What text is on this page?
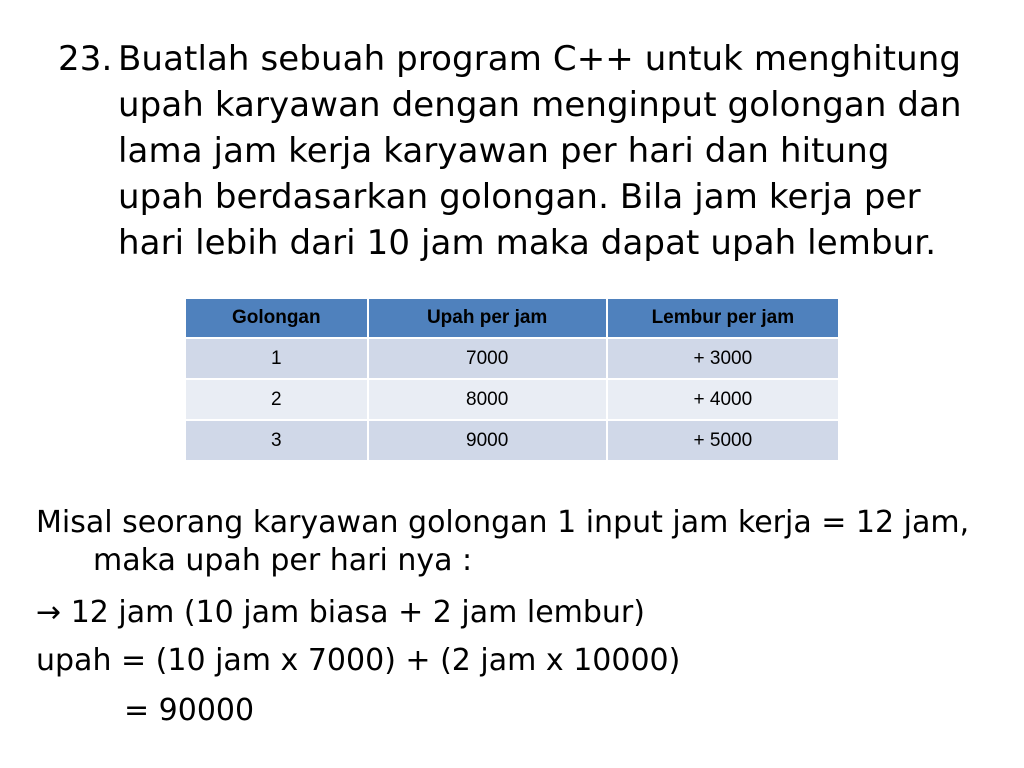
23. Buatlah sebuah program C++ untuk menghitung
upah karyawan dengan menginput golongan dan
lama jam kerja karyawan per hari dan hitung
upah berdasarkan golongan. Bila jam kerja per
hari lebih dari 10 jam maka dapat upah lembur.
Golongan	Upah per jam	Lembur per jam
1	7000	+ 3000
2	8000	+ 4000
3	9000	+ 5000

Misal seorang karyawan golongan 1 input jam kerja = 12 jam,

maka upah per hari nya :

→ 12 jam (10 jam biasa + 2 jam lembur)

upah = (10 jam x 7000) + (2 jam x 10000)

= 90000
